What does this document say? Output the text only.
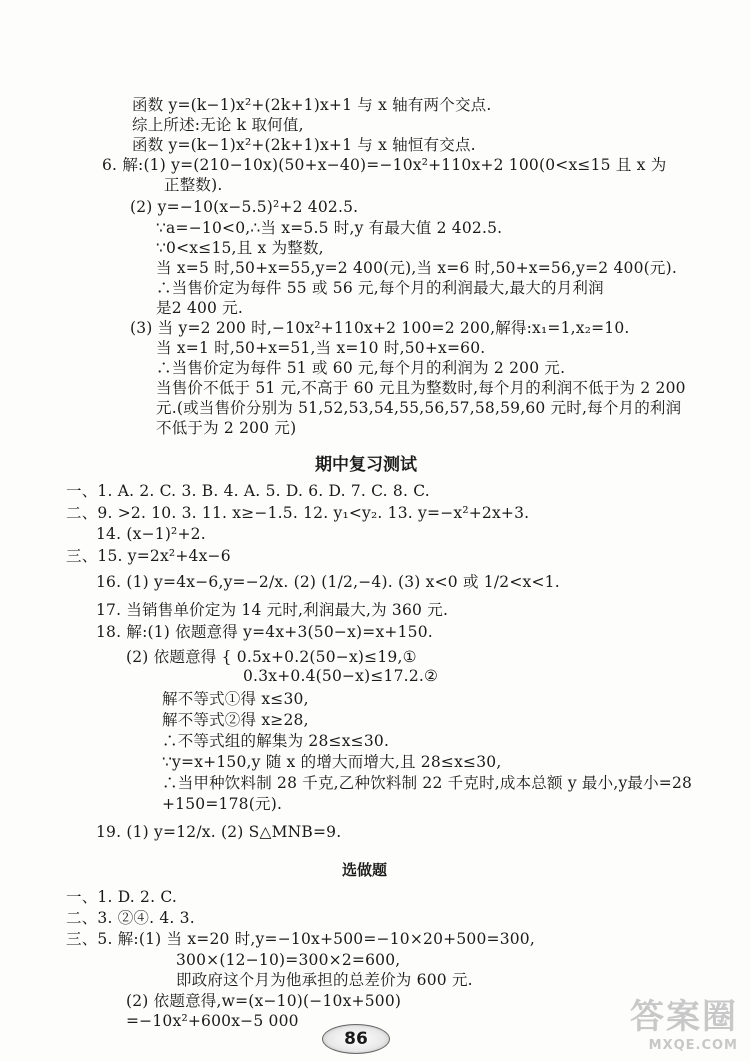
函数 y=(k−1)x²+(2k+1)x+1 与 x 轴有两个交点.
综上所述:无论 k 取何值,
函数 y=(k−1)x²+(2k+1)x+1 与 x 轴恒有交点.
6. 解:(1) y=(210−10x)(50+x−40)=−10x²+110x+2 100(0<x≤15 且 x 为
正整数).
(2) y=−10(x−5.5)²+2 402.5.
∵a=−10<0,∴当 x=5.5 时,y 有最大值 2 402.5.
∵0<x≤15,且 x 为整数,
当 x=5 时,50+x=55,y=2 400(元),当 x=6 时,50+x=56,y=2 400(元).
∴当售价定为每件 55 或 56 元,每个月的利润最大,最大的月利润
是2 400 元.
(3) 当 y=2 200 时,−10x²+110x+2 100=2 200,解得:x₁=1,x₂=10.
当 x=1 时,50+x=51,当 x=10 时,50+x=60.
∴当售价定为每件 51 或 60 元,每个月的利润为 2 200 元.
当售价不低于 51 元,不高于 60 元且为整数时,每个月的利润不低于为 2 200
元.(或当售价分别为 51,52,53,54,55,56,57,58,59,60 元时,每个月的利润
不低于为 2 200 元)
期中复习测试
一、1. A. 2. C. 3. B. 4. A. 5. D. 6. D. 7. C. 8. C.
二、9. >2. 10. 3. 11. x≥−1.5. 12. y₁<y₂. 13. y=−x²+2x+3.
14. (x−1)²+2.
三、15. y=2x²+4x−6
16. (1) y=4x−6,y=−2/x. (2) (1/2,−4). (3) x<0 或 1/2<x<1.
17. 当销售单价定为 14 元时,利润最大,为 360 元.
18. 解:(1) 依题意得 y=4x+3(50−x)=x+150.
(2) 依题意得 { 0.5x+0.2(50−x)≤19,①
0.3x+0.4(50−x)≤17.2.②
解不等式①得 x≤30,
解不等式②得 x≥28,
∴不等式组的解集为 28≤x≤30.
∵y=x+150,y 随 x 的增大而增大,且 28≤x≤30,
∴当甲种饮料制 28 千克,乙种饮料制 22 千克时,成本总额 y 最小,y最小=28
+150=178(元).
19. (1) y=12/x. (2) S△MNB=9.
选做题
一、1. D. 2. C.
二、3. ②④. 4. 3.
三、5. 解:(1) 当 x=20 时,y=−10x+500=−10×20+500=300,
300×(12−10)=300×2=600,
即政府这个月为他承担的总差价为 600 元.
(2) 依题意得,w=(x−10)(−10x+500)
=−10x²+600x−5 000
86
答案圈
MXQE.COM
